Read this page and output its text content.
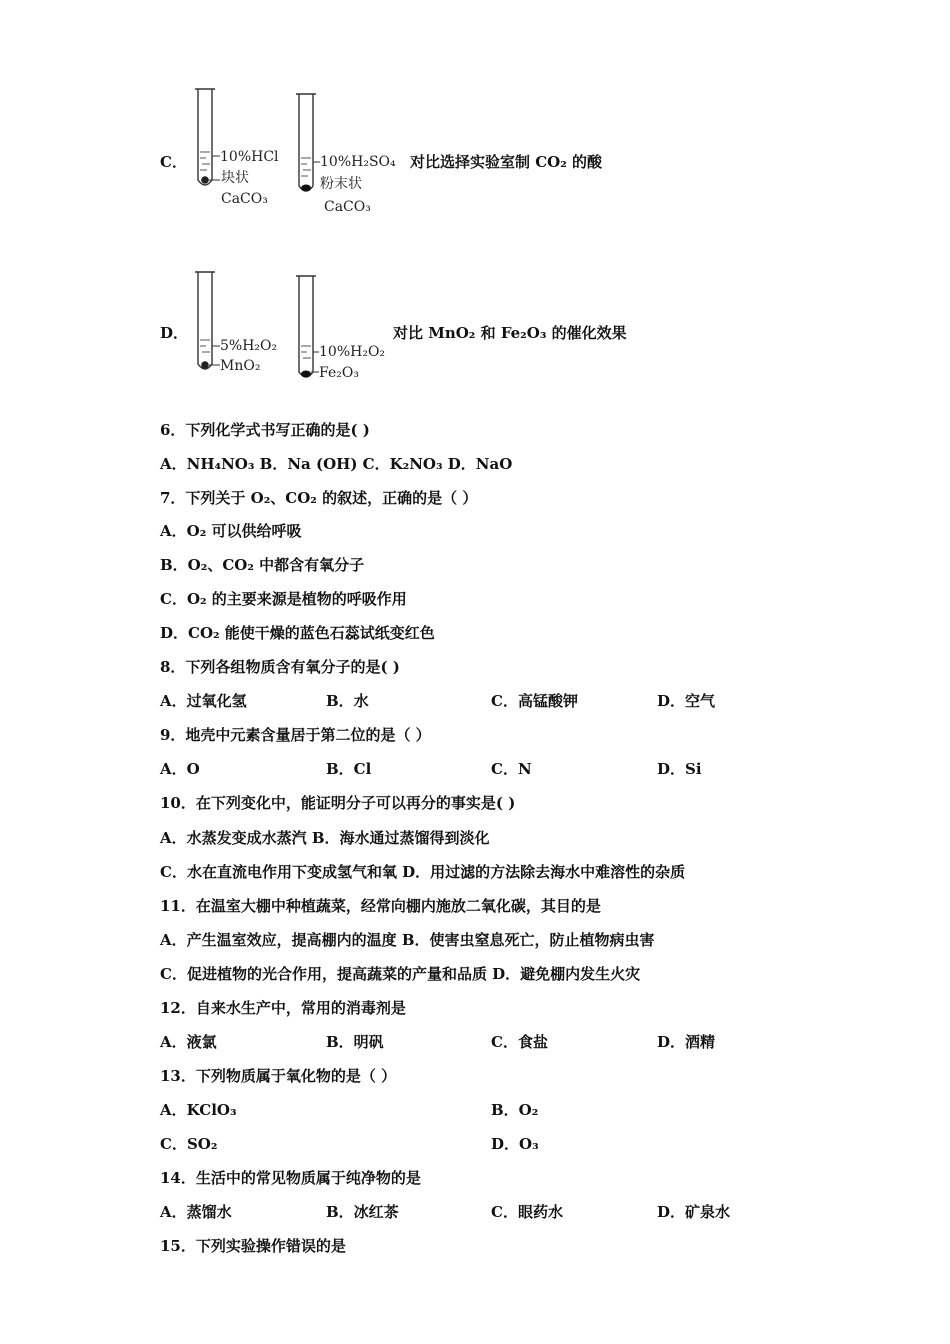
C． 10%HCl
块状
CaCO₃
10%H₂SO₄
粉末状
CaCO₃
对比选择实验室制 CO₂ 的酸
D．
5%H₂O₂
MnO₂
10%H₂O₂
Fe₂O₃
对比 MnO₂ 和 Fe₂O₃ 的催化效果
6．下列化学式书写正确的是( )
A．NH₄NO₃ B．Na (OH) C．K₂NO₃ D．NaO
7．下列关于 O₂、CO₂ 的叙述，正确的是（ ）
A．O₂ 可以供给呼吸
B．O₂、CO₂ 中都含有氧分子
C．O₂ 的主要来源是植物的呼吸作用
D．CO₂ 能使干燥的蓝色石蕊试纸变红色
8．下列各组物质含有氧分子的是( )
A．过氧化氢	B．水	C．高锰酸钾	D．空气
9．地壳中元素含量居于第二位的是（ ）
A．O	B．Cl	C．N	D．Si
10．在下列变化中，能证明分子可以再分的事实是( )
A．水蒸发变成水蒸汽 B．海水通过蒸馏得到淡化
C．水在直流电作用下变成氢气和氧 D．用过滤的方法除去海水中难溶性的杂质
11．在温室大棚中种植蔬菜，经常向棚内施放二氧化碳，其目的是
A．产生温室效应，提高棚内的温度 B．使害虫窒息死亡，防止植物病虫害
C．促进植物的光合作用，提高蔬菜的产量和品质 D．避免棚内发生火灾
12．自来水生产中，常用的消毒剂是
A．液氯	B．明矾	C．食盐	D．酒精
13．下列物质属于氧化物的是（ ）
A．KClO₃	B．O₂
C．SO₂	D．O₃
14．生活中的常见物质属于纯净物的是
A．蒸馏水	B．冰红茶	C．眼药水	D．矿泉水
15．下列实验操作错误的是
